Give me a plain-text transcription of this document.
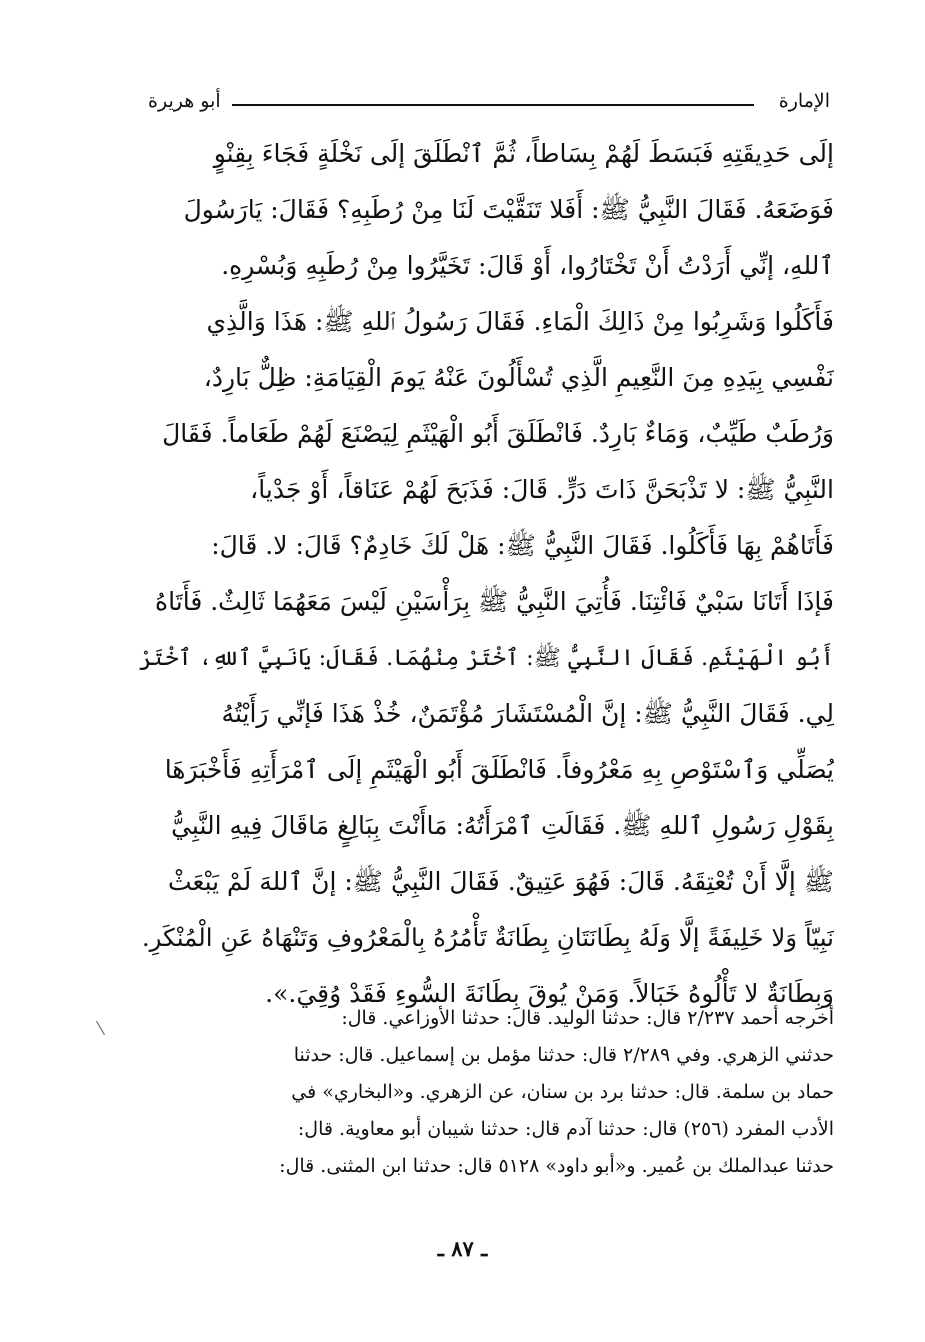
الإمارة
أبو هريرة
إلَى حَدِيقَتِهِ فَبَسَطَ لَهُمْ بِسَاطاً، ثُمَّ ٱنْطَلَقَ إلَى نَخْلَةٍ فَجَاءَ بِقِنْوٍ
فَوَضَعَهُ. فَقَالَ النَّبِيُّ ﷺ: أَفَلا تَنَقَّيْتَ لَنَا مِنْ رُطَبِهِ؟ فَقَالَ: يَارَسُولَ
ٱللهِ، إنِّي أَرَدْتُ أَنْ تَخْتَارُوا، أَوْ قَالَ: تَخَيَّرُوا مِنْ رُطَبِهِ وَبُسْرِهِ.
فَأَكَلُوا وَشَرِبُوا مِنْ ذَالِكَ الْمَاءِ. فَقَالَ رَسُولُ ٱللهِ ﷺ: هَذَا وَالَّذِي
نَفْسِي بِيَدِهِ مِنَ النَّعِيمِ الَّذِي تُسْأَلُونَ عَنْهُ يَومَ الْقِيَامَةِ: ظِلٌّ بَارِدٌ،
وَرُطَبٌ طَيِّبٌ، وَمَاءٌ بَارِدٌ. فَانْطَلَقَ أَبُو الْهَيْثَمِ لِيَصْنَعَ لَهُمْ طَعَاماً. فَقَالَ
النَّبِيُّ ﷺ: لا تَذْبَحَنَّ ذَاتَ دَرٍّ. قَالَ: فَذَبَحَ لَهُمْ عَنَاقاً، أَوْ جَدْياً،
فَأَتَاهُمْ بِهَا فَأَكَلُوا. فَقَالَ النَّبِيُّ ﷺ: هَلْ لَكَ خَادِمٌ؟ قَالَ: لا. قَالَ:
فَإذَا أَتَانَا سَبْيٌ فَائْتِنَا. فَأُتِيَ النَّبِيُّ ﷺ بِرَأْسَيْنِ لَيْسَ مَعَهُمَا ثَالِثٌ. فَأَتَاهُ
أَبُو الْهَيْثَمِ. فَقَالَ النَّبِيُّ ﷺ: ٱخْتَرْ مِنْهُمَا. فَقَالَ: يَانَبِيَّ ٱللهِ، ٱخْتَرْ
لِي. فَقَالَ النَّبِيُّ ﷺ: إنَّ الْمُسْتَشَارَ مُؤْتَمَنٌ، خُذْ هَذَا فَإنِّي رَأَيْتُهُ
يُصَلِّي وَٱسْتَوْصِ بِهِ مَعْرُوفاً. فَانْطَلَقَ أَبُو الْهَيْثَمِ إلَى ٱمْرَأَتِهِ فَأَخْبَرَهَا
بِقَوْلِ رَسُولِ ٱللهِ ﷺ. فَقَالَتِ ٱمْرَأَتُهُ: مَاأَنْتَ بِبَالِغٍ مَاقَالَ فِيهِ النَّبِيُّ
ﷺ إلَّا أَنْ تُعْتِقَهُ. قَالَ: فَهُوَ عَتِيقٌ. فَقَالَ النَّبِيُّ ﷺ: إنَّ ٱللهَ لَمْ يَبْعَثْ
نَبِيّاً وَلا خَلِيفَةً إلَّا وَلَهُ بِطَانَتَانِ بِطَانَةٌ تَأْمُرُهُ بِالْمَعْرُوفِ وَتَنْهَاهُ عَنِ الْمُنْكَرِ.
وَبِطَانَةٌ لا تَأْلُوهُ خَبَالاً. وَمَنْ يُوقَ بِطَانَةَ السُّوءِ فَقَدْ وُقِيَ.».
أخرجه أحمد ٢/٢٣٧ قال: حدثنا الوليد. قال: حدثنا الأوزاعي. قال:
حدثني الزهري. وفي ٢/٢٨٩ قال: حدثنا مؤمل بن إسماعيل. قال: حدثنا
حماد بن سلمة. قال: حدثنا برد بن سنان، عن الزهري. و«البخاري» في
الأدب المفرد (٢٥٦) قال: حدثنا آدم قال: حدثنا شيبان أبو معاوية. قال:
حدثنا عبدالملك بن عُمير. و«أبو داود» ٥١٢٨ قال: حدثنا ابن المثنى. قال:
ـ ٨٧ ـ
